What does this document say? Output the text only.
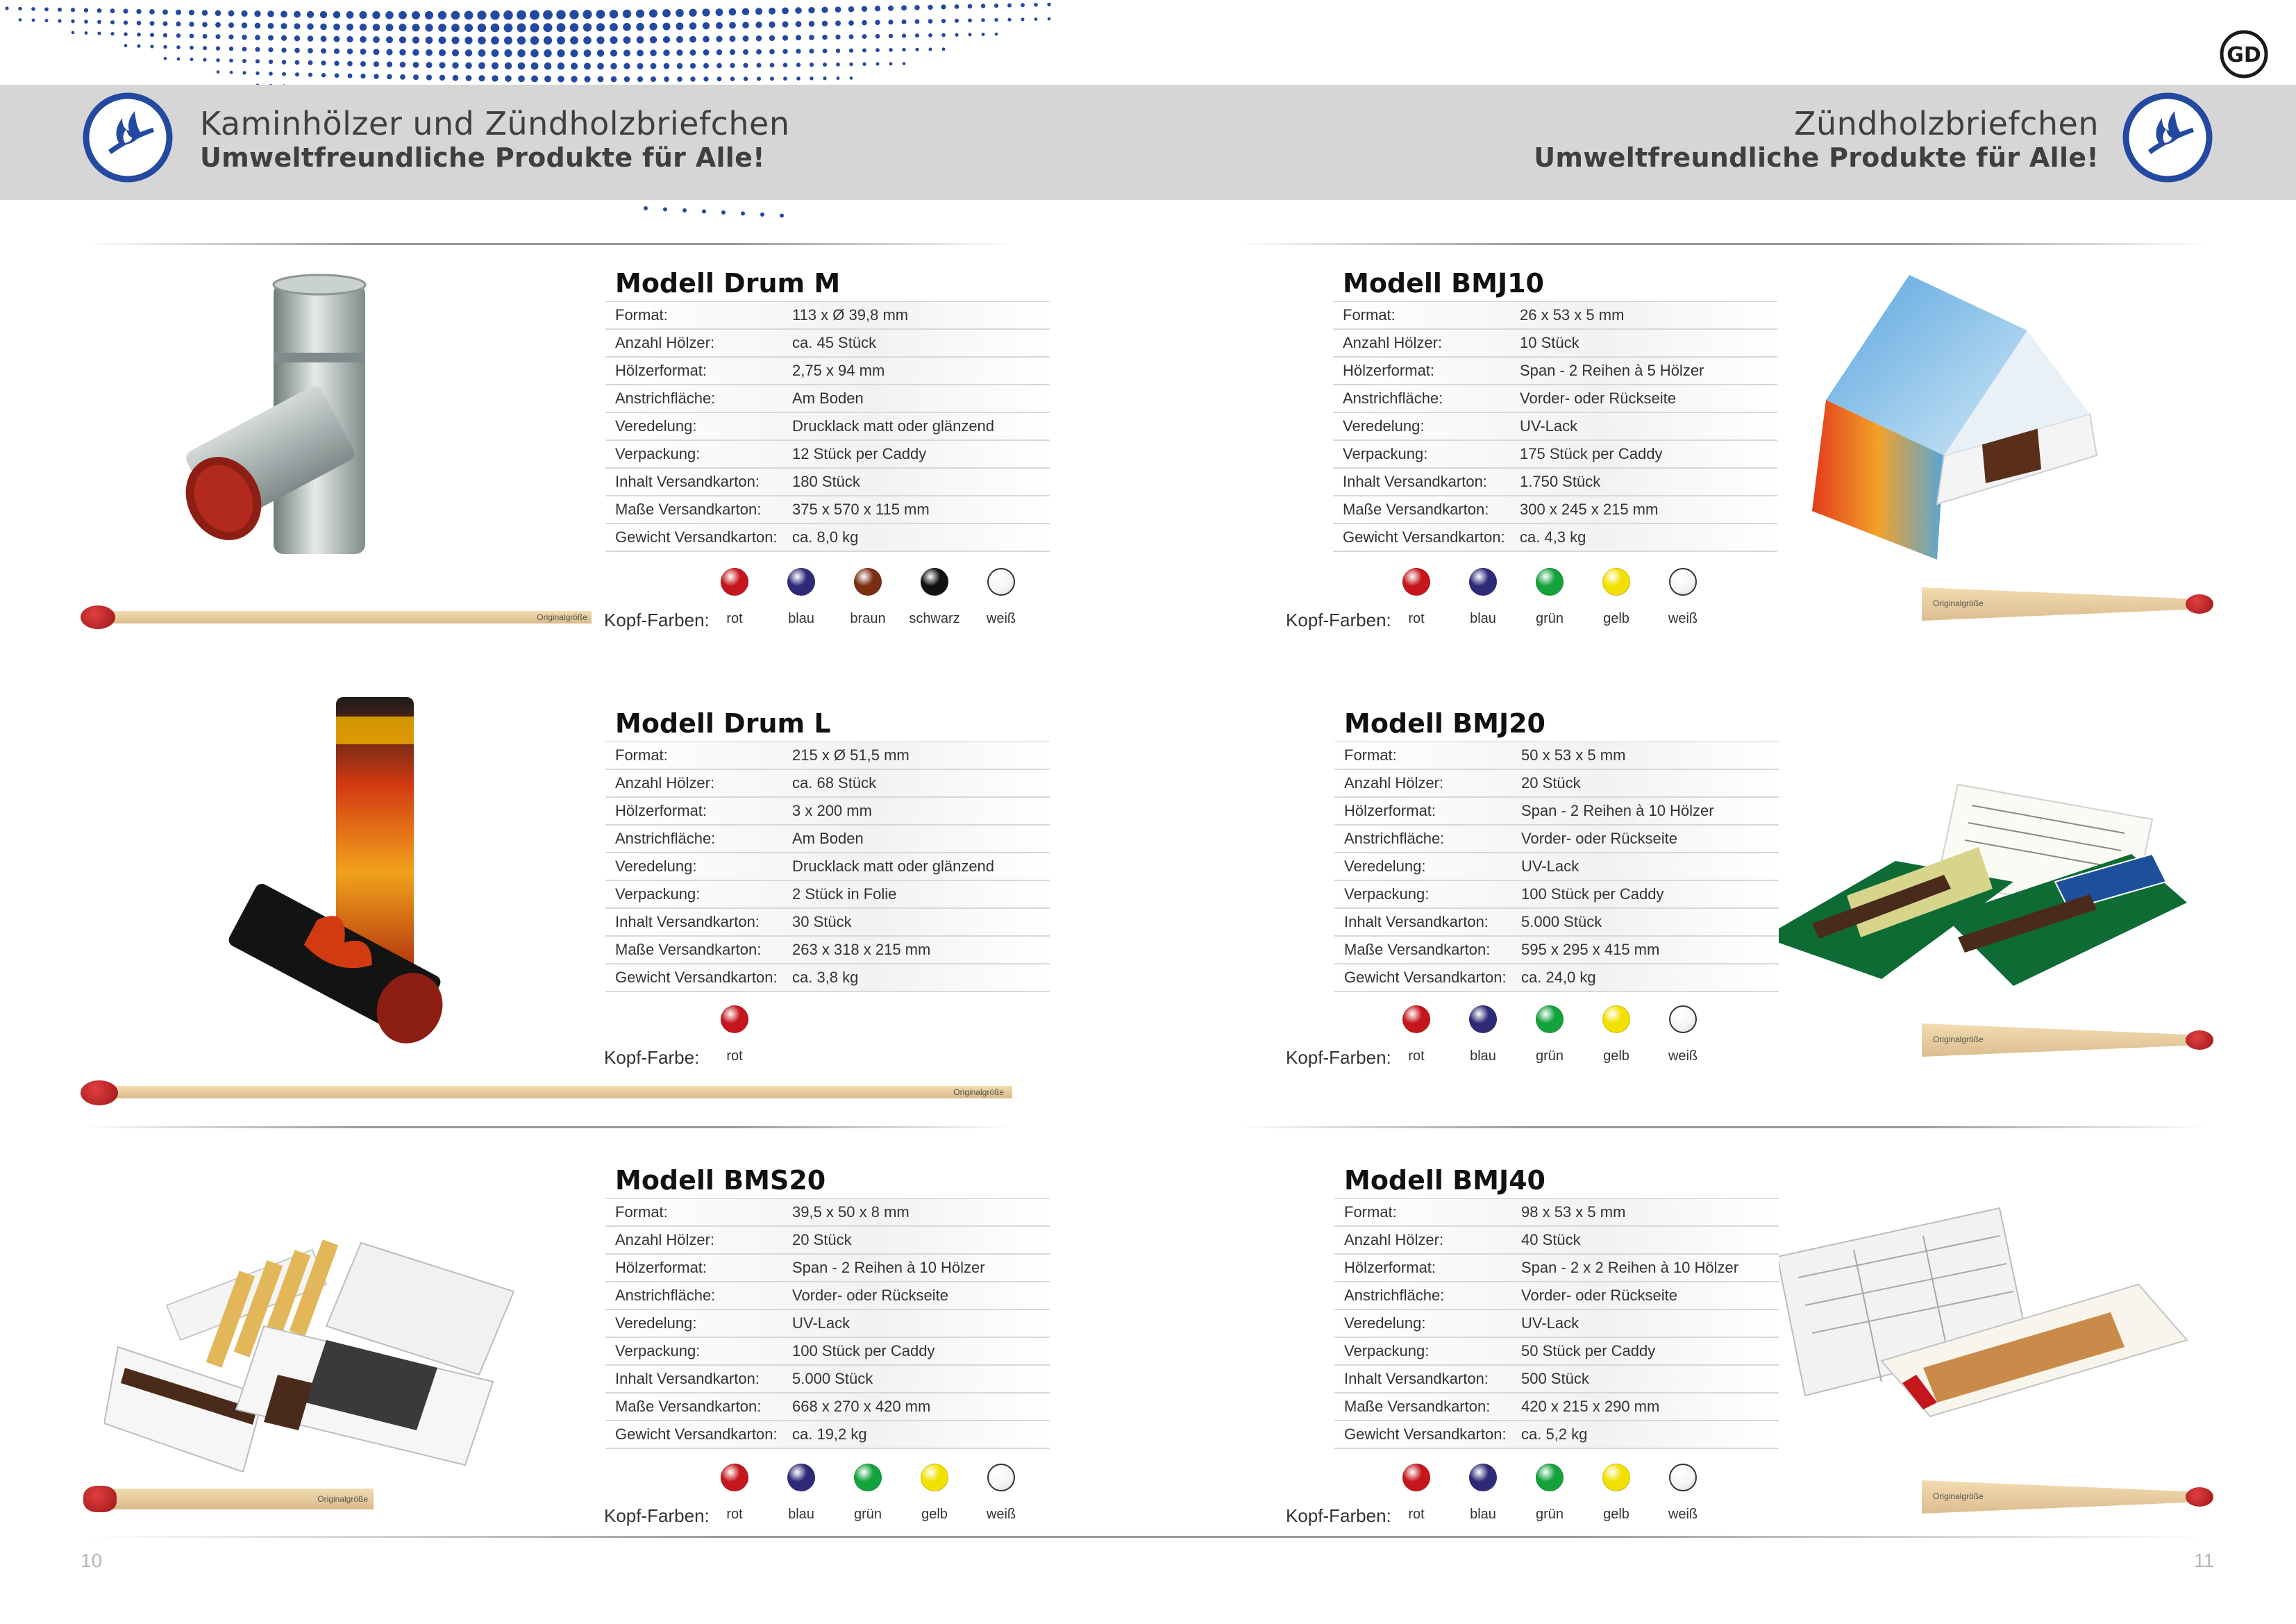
GD
Kaminhölzer und Zündholzbriefchen
Umweltfreundliche Produkte für Alle!
Zündholzbriefchen
Umweltfreundliche Produkte für Alle!
Modell Drum M
Format:	113 x Ø 39,8 mm
Anzahl Hölzer:	ca. 45 Stück
Hölzerformat:	2,75 x 94 mm
Anstrichfläche:	Am Boden
Veredelung:	Drucklack matt oder glänzend
Verpackung:	12 Stück per Caddy
Inhalt Versandkarton:	180 Stück
Maße Versandkarton:	375 x 570 x 115 mm
Gewicht Versandkarton: ca. 8,0 kg
Modell Drum L
Format:	215 x Ø 51,5 mm
Anzahl Hölzer:	ca. 68 Stück
Hölzerformat:	3 x 200 mm
Anstrichfläche:	Am Boden
Veredelung:	Drucklack matt oder glänzend
Verpackung:	2 Stück in Folie
Inhalt Versandkarton:	30 Stück
Maße Versandkarton:	263 x 318 x 215 mm
Gewicht Versandkarton: ca. 3,8 kg
Modell BMS20
Format:	39,5 x 50 x 8 mm
Anzahl Hölzer:	20 Stück
Hölzerformat:	Span - 2 Reihen à 10 Hölzer
Anstrichfläche:	Vorder- oder Rückseite
Veredelung:	UV-Lack
Verpackung:	100 Stück per Caddy
Inhalt Versandkarton:	5.000 Stück
Maße Versandkarton:	668 x 270 x 420 mm
Gewicht Versandkarton: ca. 19,2 kg
Modell BMJ10
Format:	26 x 53 x 5 mm
Anzahl Hölzer:	10 Stück
Hölzerformat:	Span - 2 Reihen à 5 Hölzer
Anstrichfläche:	Vorder- oder Rückseite
Veredelung:	UV-Lack
Verpackung:	175 Stück per Caddy
Inhalt Versandkarton:	1.750 Stück
Maße Versandkarton:	300 x 245 x 215 mm
Gewicht Versandkarton: ca. 4,3 kg
Modell BMJ20
Format:	50 x 53 x 5 mm
Anzahl Hölzer:	20 Stück
Hölzerformat:	Span - 2 Reihen à 10 Hölzer
Anstrichfläche:	Vorder- oder Rückseite
Veredelung:	UV-Lack
Verpackung:	100 Stück per Caddy
Inhalt Versandkarton:	5.000 Stück
Maße Versandkarton:	595 x 295 x 415 mm
Gewicht Versandkarton: ca. 24,0 kg
Modell BMJ40
Format:	98 x 53 x 5 mm
Anzahl Hölzer:	40 Stück
Hölzerformat:	Span - 2 x 2 Reihen à 10 Hölzer
Anstrichfläche:	Vorder- oder Rückseite
Veredelung:	UV-Lack
Verpackung:	50 Stück per Caddy
Inhalt Versandkarton:	500 Stück
Maße Versandkarton:	420 x 215 x 290 mm
Gewicht Versandkarton: ca. 5,2 kg
Kopf-Farben:	rot	blau	braun	schwarz	weiß
Kopf-Farbe:	rot
Kopf-Farben:	rot	blau	grün	gelb	weiß
Kopf-Farben:	rot	blau	grün	gelb	weiß
Kopf-Farben:	rot	blau	grün	gelb	weiß
Kopf-Farben:	rot	blau	grün	gelb	weiß
Originalgröße
Originalgröße
Originalgröße
Originalgröße
Originalgröße
Originalgröße
10	11
